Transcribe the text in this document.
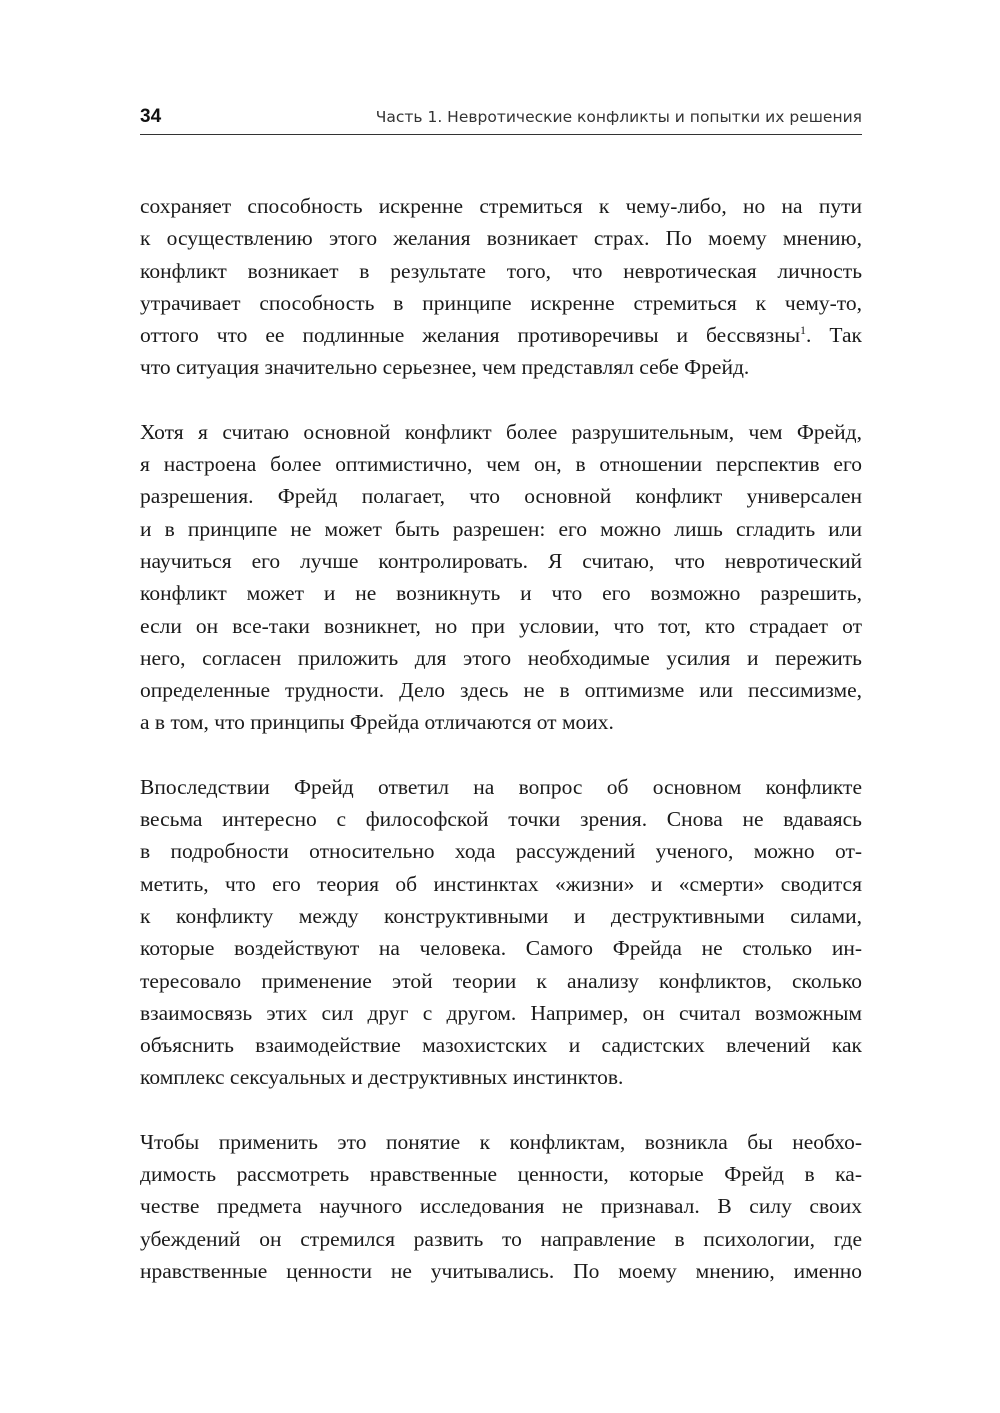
34	Часть 1. Невротические конфликты и попытки их решения

сохраняет способность искренне стремиться к чему-либо, но на пути
к осуществлению этого желания возникает страх. По моему мнению,
конфликт возникает в результате того, что невротическая личность
утрачивает способность в принципе искренне стремиться к чему-то,
оттого что ее подлинные желания противоречивы и бессвязны$^1$. Так
что ситуация значительно серьезнее, чем представлял себе Фрейд.

Хотя я считаю основной конфликт более разрушительным, чем Фрейд,
я настроена более оптимистично, чем он, в отношении перспектив его
разрешения. Фрейд полагает, что основной конфликт универсален
и в принципе не может быть разрешен: его можно лишь сгладить или
научиться его лучше контролировать. Я считаю, что невротический
конфликт может и не возникнуть и что его возможно разрешить,
если он все-таки возникнет, но при условии, что тот, кто страдает от
него, согласен приложить для этого необходимые усилия и пережить
определенные трудности. Дело здесь не в оптимизме или пессимизме,
а в том, что принципы Фрейда отличаются от моих.

Впоследствии Фрейд ответил на вопрос об основном конфликте
весьма интересно с философской точки зрения. Снова не вдаваясь
в подробности относительно хода рассуждений ученого, можно от-
метить, что его теория об инстинктах «жизни» и «смерти» сводится
к конфликту между конструктивными и деструктивными силами,
которые воздействуют на человека. Самого Фрейда не столько ин-
тересовало применение этой теории к анализу конфликтов, сколько
взаимосвязь этих сил друг с другом. Например, он считал возможным
объяснить взаимодействие мазохистских и садистских влечений как
комплекс сексуальных и деструктивных инстинктов.

Чтобы применить это понятие к конфликтам, возникла бы необхо-
димость рассмотреть нравственные ценности, которые Фрейд в ка-
честве предмета научного исследования не признавал. В силу своих
убеждений он стремился развить то направление в психологии, где
нравственные ценности не учитывались. По моему мнению, именно
